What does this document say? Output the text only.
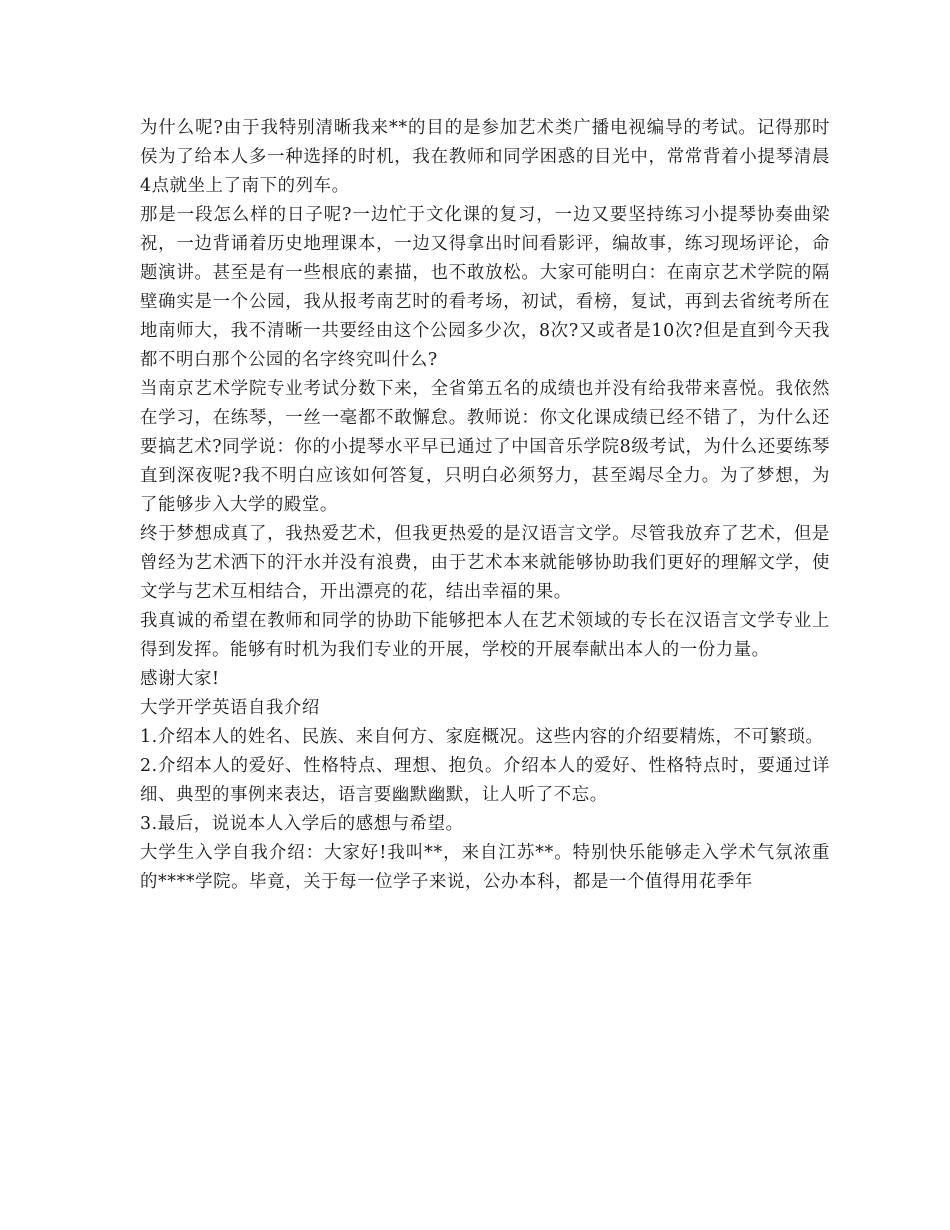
为什么呢?由于我特别清晰我来**的目的是参加艺术类广播电视编导的考试。记得那时侯为了给本人多一种选择的时机，我在教师和同学困惑的目光中，常常背着小提琴清晨4点就坐上了南下的列车。

那是一段怎么样的日子呢?一边忙于文化课的复习，一边又要坚持练习小提琴协奏曲梁祝，一边背诵着历史地理课本，一边又得拿出时间看影评，编故事，练习现场评论，命题演讲。甚至是有一些根底的素描，也不敢放松。大家可能明白：在南京艺术学院的隔壁确实是一个公园，我从报考南艺时的看考场，初试，看榜，复试，再到去省统考所在地南师大，我不清晰一共要经由这个公园多少次，8次?又或者是10次?但是直到今天我都不明白那个公园的名字终究叫什么?

当南京艺术学院专业考试分数下来，全省第五名的成绩也并没有给我带来喜悦。我依然在学习，在练琴，一丝一毫都不敢懈怠。教师说：你文化课成绩已经不错了，为什么还要搞艺术?同学说：你的小提琴水平早已通过了中国音乐学院8级考试，为什么还要练琴直到深夜呢?我不明白应该如何答复，只明白必须努力，甚至竭尽全力。为了梦想，为了能够步入大学的殿堂。

终于梦想成真了，我热爱艺术，但我更热爱的是汉语言文学。尽管我放弃了艺术，但是曾经为艺术洒下的汗水并没有浪费，由于艺术本来就能够协助我们更好的理解文学，使文学与艺术互相结合，开出漂亮的花，结出幸福的果。

我真诚的希望在教师和同学的协助下能够把本人在艺术领域的专长在汉语言文学专业上得到发挥。能够有时机为我们专业的开展，学校的开展奉献出本人的一份力量。

感谢大家!

大学开学英语自我介绍

1.介绍本人的姓名、民族、来自何方、家庭概况。这些内容的介绍要精炼，不可繁琐。

2.介绍本人的爱好、性格特点、理想、抱负。介绍本人的爱好、性格特点时，要通过详细、典型的事例来表达，语言要幽默幽默，让人听了不忘。

3.最后，说说本人入学后的感想与希望。

大学生入学自我介绍：大家好!我叫**，来自江苏**。特别快乐能够走入学术气氛浓重的****学院。毕竟，关于每一位学子来说，公办本科，都是一个值得用花季年
